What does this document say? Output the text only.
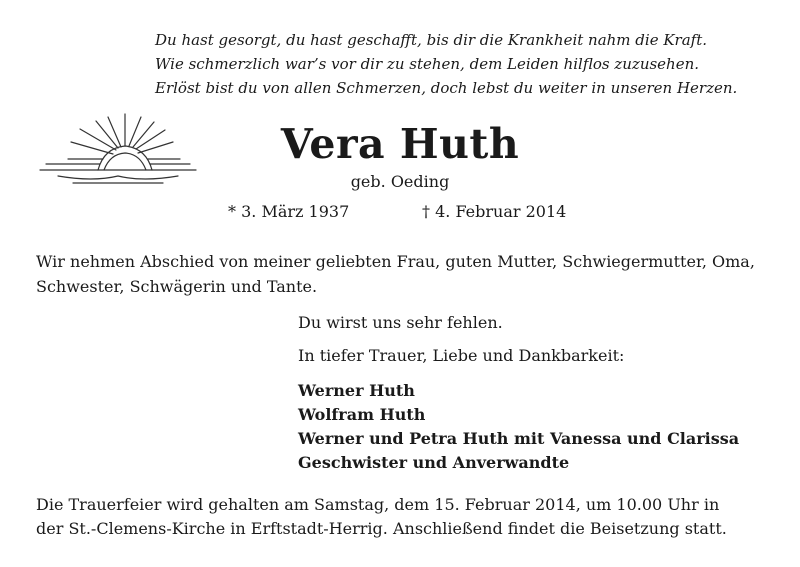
Du hast gesorgt, du hast geschafft, bis dir die Krankheit nahm die Kraft.
Wie schmerzlich war’s vor dir zu stehen, dem Leiden hilflos zuzusehen.
Erlöst bist du von allen Schmerzen, doch lebst du weiter in unseren Herzen.
Vera Huth
geb. Oeding
* 3. März 1937	† 4. Februar 2014
Wir nehmen Abschied von meiner geliebten Frau, guten Mutter, Schwiegermutter, Oma, Schwester, Schwägerin und Tante.
Du wirst uns sehr fehlen.
In tiefer Trauer, Liebe und Dankbarkeit:
Werner Huth
Wolfram Huth
Werner und Petra Huth mit Vanessa und Clarissa
Geschwister und Anverwandte
Die Trauerfeier wird gehalten am Samstag, dem 15. Februar 2014, um 10.00 Uhr in
der St.-Clemens-Kirche in Erftstadt-Herrig. Anschließend findet die Beisetzung statt.
